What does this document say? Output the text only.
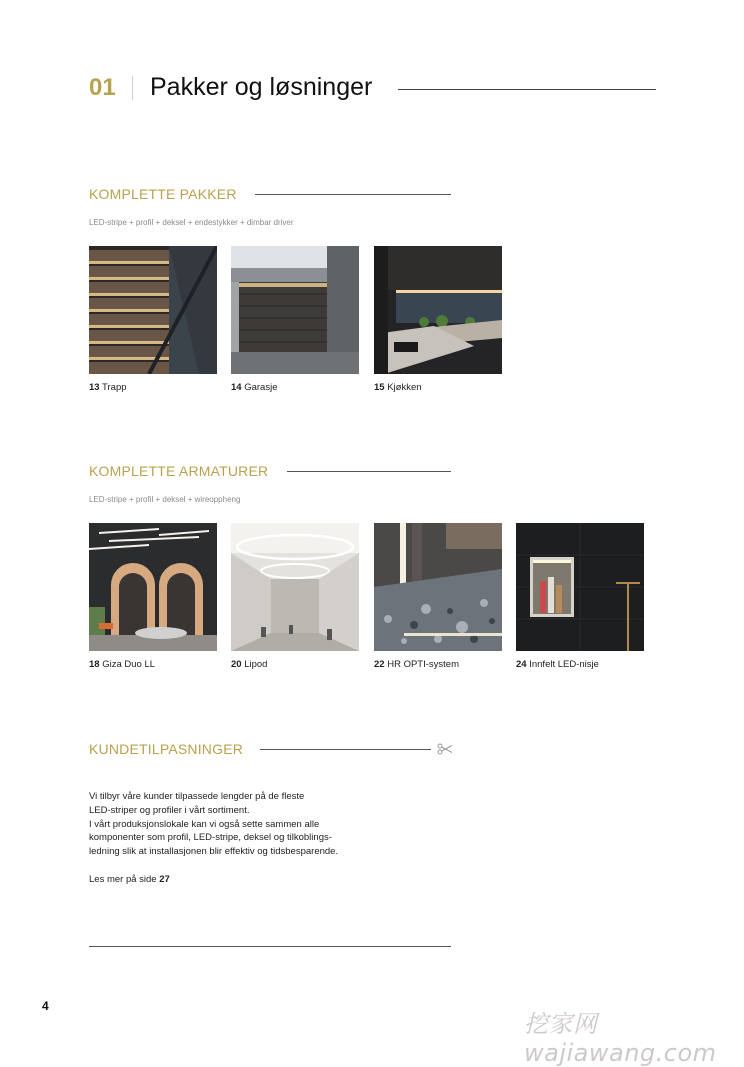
01 Pakker og løsninger
KOMPLETTE PAKKER
LED-stripe + profil + deksel + endestykker + dimbar driver
13 Trapp	14 Garasje	15 Kjøkken
KOMPLETTE ARMATURER
LED-stripe + profil + deksel + wireoppheng
18 Giza Duo LL	20 Lipod	22 HR OPTI-system	24 Innfelt LED-nisje
KUNDETILPASNINGER

Vi tilbyr våre kunder tilpassede lengder på de fleste

LED-striper og profiler i vårt sortiment.

I vårt produksjonslokale kan vi også sette sammen alle

komponenter som profil, LED-stripe, deksel og tilkoblings-

ledning slik at installasjonen blir effektiv og tidsbesparende.

Les mer på side 27
4
挖家网 wajiawang.com
